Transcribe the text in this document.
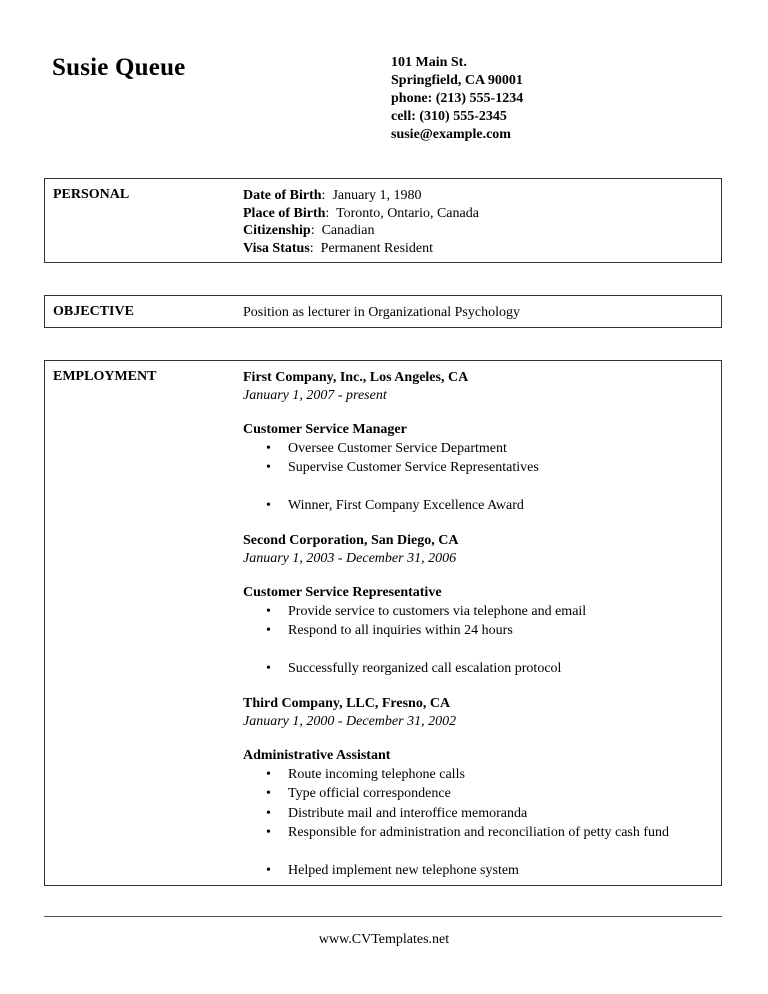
Susie Queue	101 Main St.
Springfield, CA 90001
phone: (213) 555-1234
cell: (310) 555-2345
susie@example.com
PERSONAL	Date of Birth:  January 1, 1980
Place of Birth:  Toronto, Ontario, Canada
Citizenship:  Canadian
Visa Status:  Permanent Resident
OBJECTIVE	Position as lecturer in Organizational Psychology
EMPLOYMENT	First Company, Inc., Los Angeles, CA
January 1, 2007 - present
Customer Service Manager
• Oversee Customer Service Department
• Supervise Customer Service Representatives
• Winner, First Company Excellence Award
Second Corporation, San Diego, CA
January 1, 2003 - December 31, 2006
Customer Service Representative
• Provide service to customers via telephone and email
• Respond to all inquiries within 24 hours
• Successfully reorganized call escalation protocol
Third Company, LLC, Fresno, CA
January 1, 2000 - December 31, 2002
Administrative Assistant
• Route incoming telephone calls
• Type official correspondence
• Distribute mail and interoffice memoranda
• Responsible for administration and reconciliation of petty cash fund
• Helped implement new telephone system
www.CVTemplates.net
